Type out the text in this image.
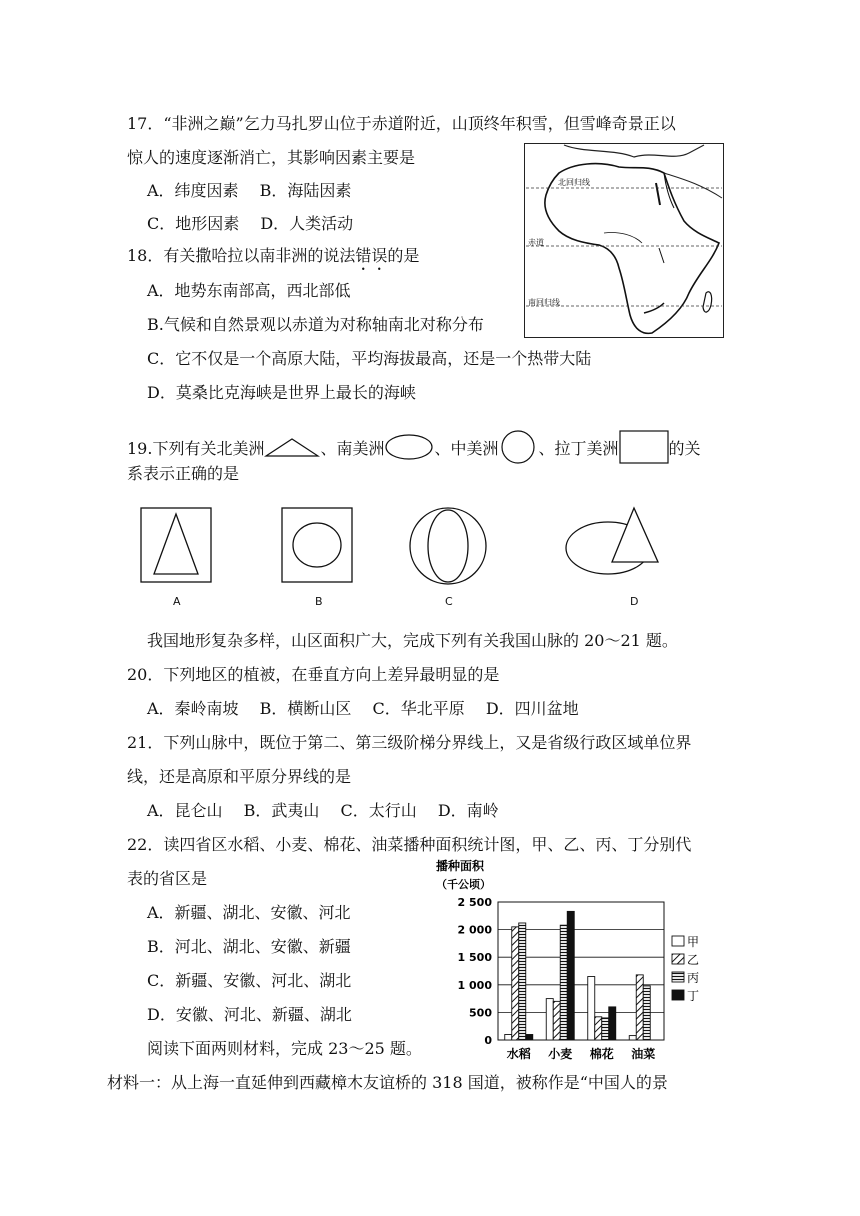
17．“非洲之巅”乞力马扎罗山位于赤道附近，山顶终年积雪，但雪峰奇景正以
惊人的速度逐渐消亡，其影响因素主要是
A．纬度因素　 B．海陆因素
C．地形因素　 D．人类活动
18．有关撒哈拉以南非洲的说法错误的是
A．地势东南部高，西北部低
B.气候和自然景观以赤道为对称轴南北对称分布
C．它不仅是一个高原大陆，平均海拔最高，还是一个热带大陆
D．莫桑比克海峡是世界上最长的海峡
北回归线
赤道
南回归线
19.下列有关北美洲	、南美洲	、中美洲	、拉丁美洲	的关
系表示正确的是
A	B	C	D
我国地形复杂多样，山区面积广大，完成下列有关我国山脉的 20～21 题。
20．下列地区的植被，在垂直方向上差异最明显的是
A．秦岭南坡　 B．横断山区　 C．华北平原　 D．四川盆地
21．下列山脉中，既位于第二、第三级阶梯分界线上，又是省级行政区域单位界
线，还是高原和平原分界线的是
A．昆仑山　 B．武夷山　 C．太行山　 D．南岭
22．读四省区水稻、小麦、棉花、油菜播种面积统计图，甲、乙、丙、丁分别代
表的省区是
A．新疆、湖北、安徽、河北
B．河北、湖北、安徽、新疆
C．新疆、安徽、河北、湖北
D．安徽、河北、新疆、湖北
播种面积
（千公顷）
0
500
1 000
1 500
2 000
2 500
水稻 小麦 棉花 油菜
甲
乙
丙
丁
阅读下面两则材料，完成 23～25 题。
材料一：从上海一直延伸到西藏樟木友谊桥的 318 国道，被称作是“中国人的景
